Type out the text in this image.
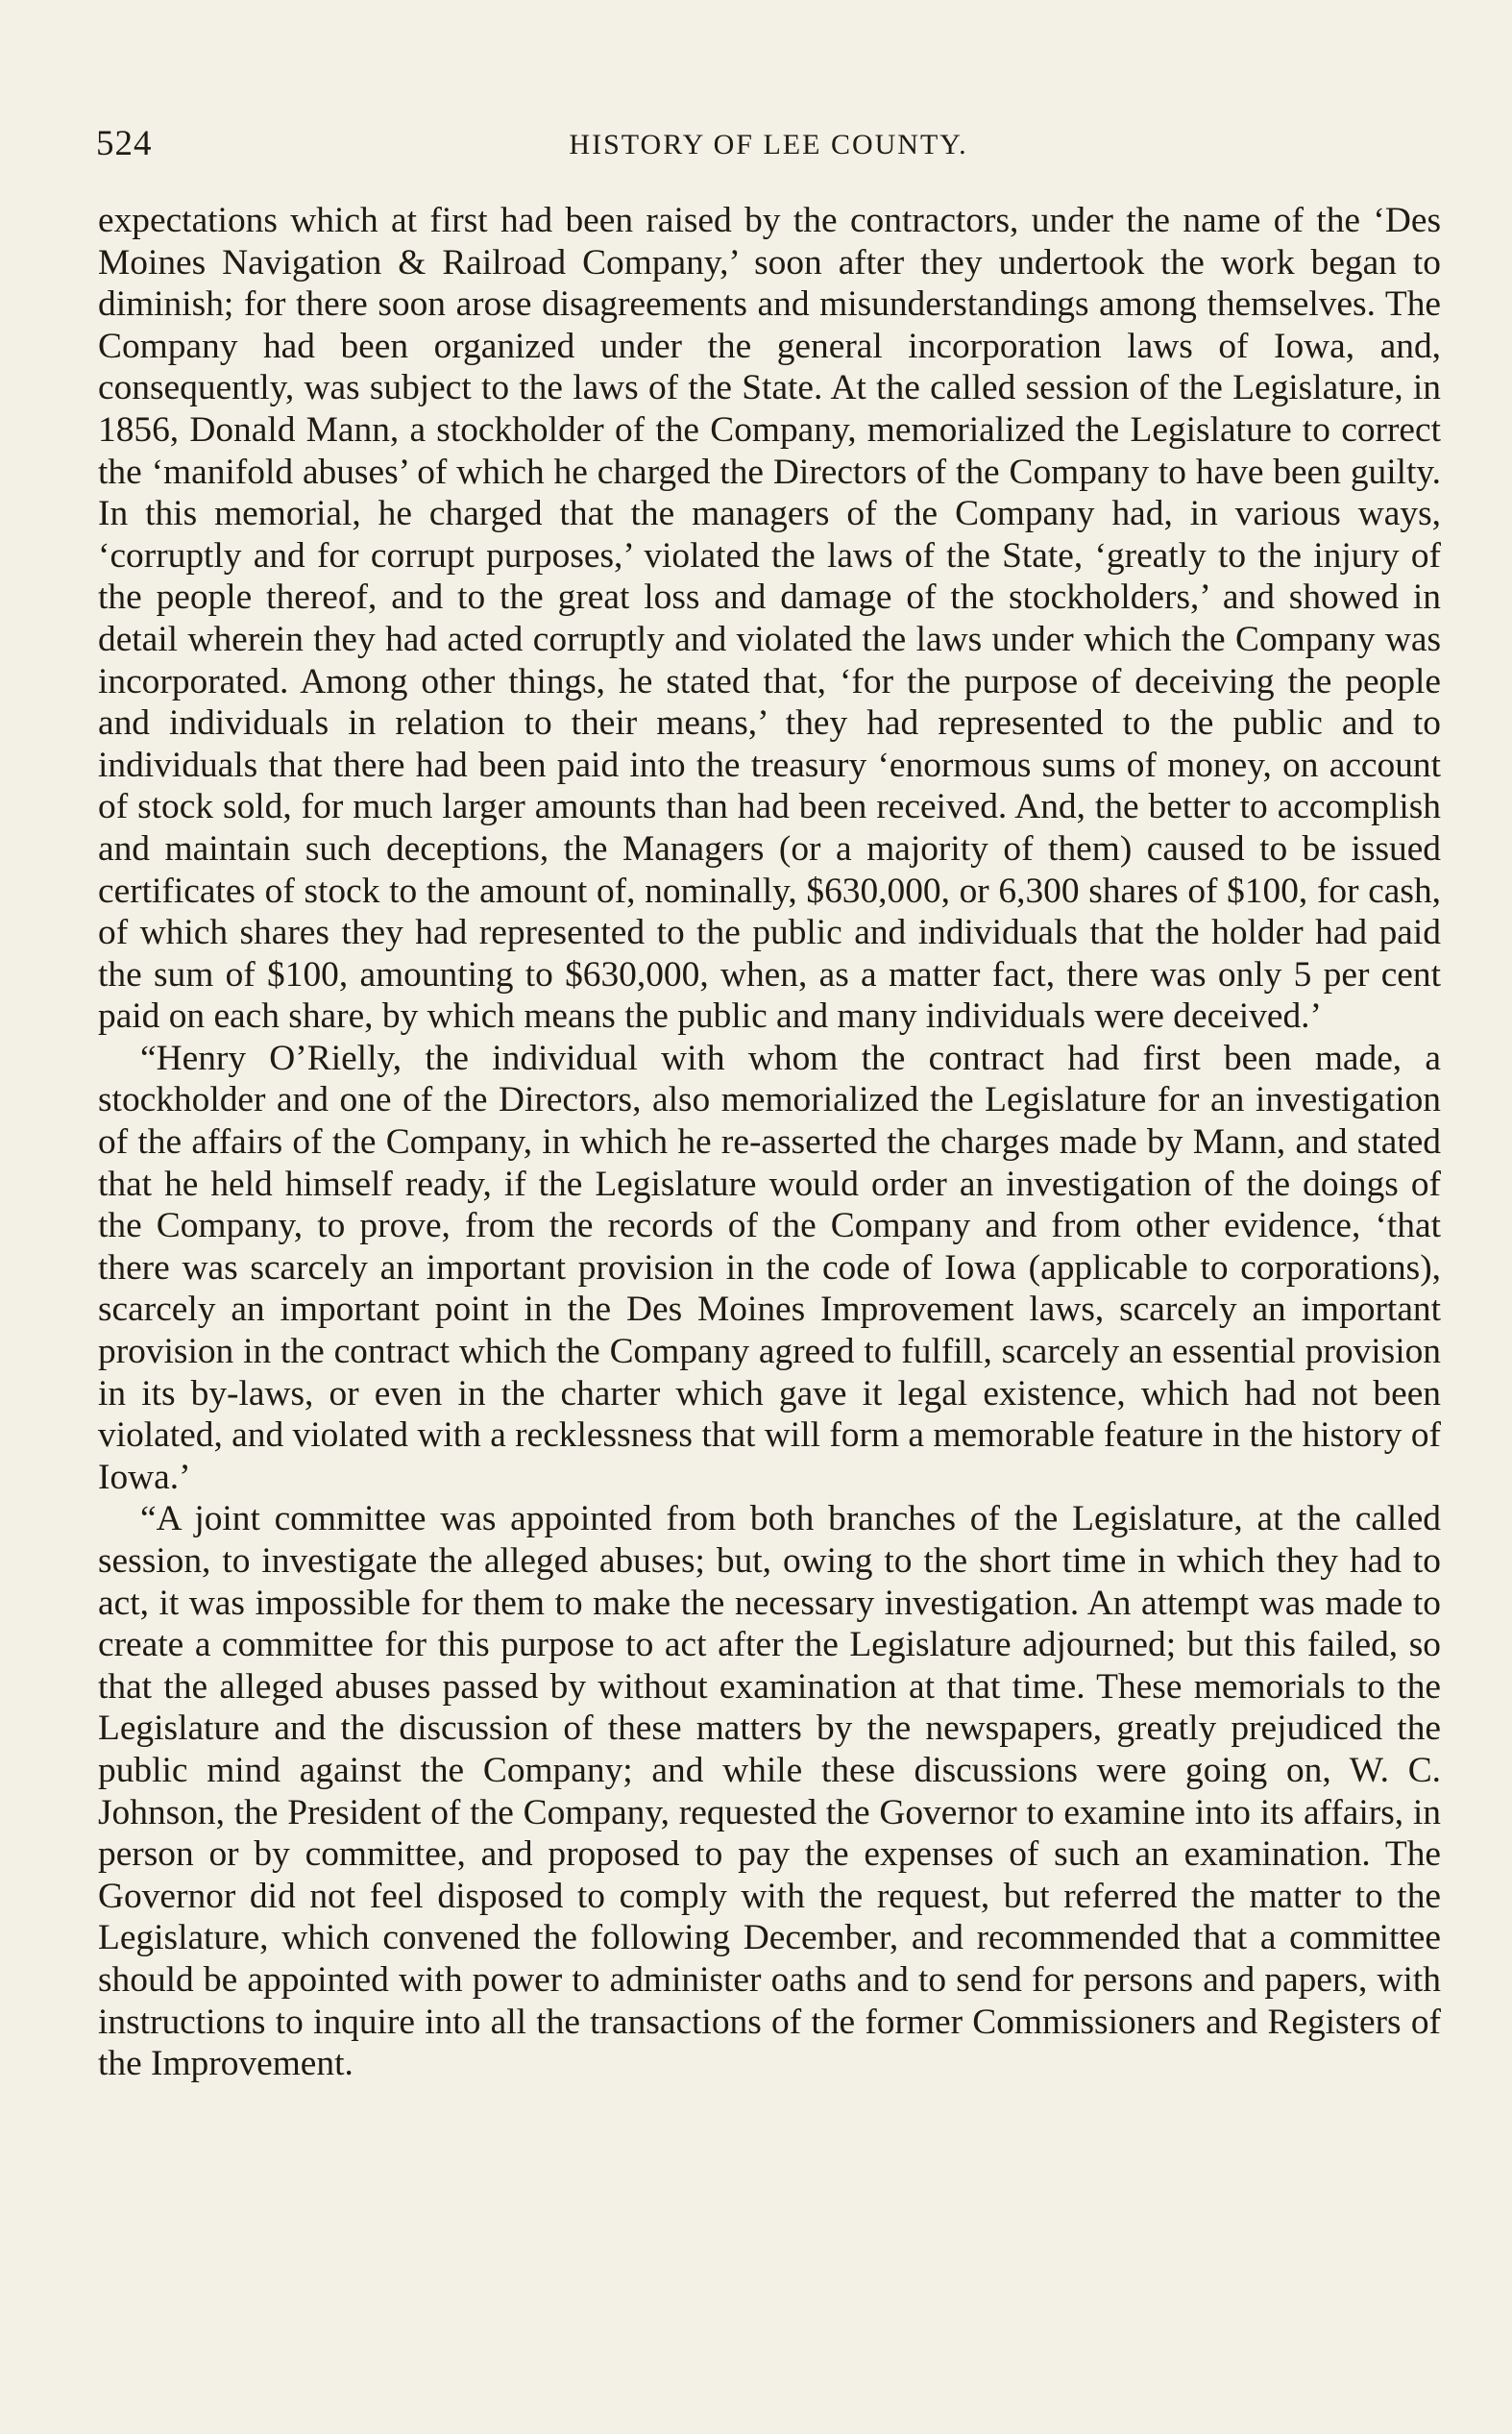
524	HISTORY OF LEE COUNTY.

expectations which at first had been raised by the contractors, under the name of the ‘Des Moines Navigation & Railroad Company,’ soon after they undertook the work began to diminish; for there soon arose disagreements and misunderstandings among themselves. The Company had been organized under the general incorporation laws of Iowa, and, consequently, was subject to the laws of the State. At the called session of the Legislature, in 1856, Donald Mann, a stockholder of the Company, memorialized the Legislature to correct the ‘manifold abuses’ of which he charged the Directors of the Company to have been guilty. In this memorial, he charged that the managers of the Company had, in various ways, ‘corruptly and for corrupt purposes,’ violated the laws of the State, ‘greatly to the injury of the people thereof, and to the great loss and damage of the stockholders,’ and showed in detail wherein they had acted corruptly and violated the laws under which the Company was incorporated. Among other things, he stated that, ‘for the purpose of deceiving the people and individuals in relation to their means,’ they had represented to the public and to individuals that there had been paid into the treasury ‘enormous sums of money, on account of stock sold, for much larger amounts than had been received. And, the better to accomplish and maintain such deceptions, the Managers (or a majority of them) caused to be issued certificates of stock to the amount of, nominally, $630,000, or 6,300 shares of $100, for cash, of which shares they had represented to the public and individuals that the holder had paid the sum of $100, amounting to $630,000, when, as a matter fact, there was only 5 per cent paid on each share, by which means the public and many individuals were deceived.’

“Henry O’Rielly, the individual with whom the contract had first been made, a stockholder and one of the Directors, also memorialized the Legislature for an investigation of the affairs of the Company, in which he re-asserted the charges made by Mann, and stated that he held himself ready, if the Legislature would order an investigation of the doings of the Company, to prove, from the records of the Company and from other evidence, ‘that there was scarcely an important provision in the code of Iowa (applicable to corporations), scarcely an important point in the Des Moines Improvement laws, scarcely an important provision in the contract which the Company agreed to fulfill, scarcely an essential provision in its by-laws, or even in the charter which gave it legal existence, which had not been violated, and violated with a recklessness that will form a memorable feature in the history of Iowa.’

“A joint committee was appointed from both branches of the Legislature, at the called session, to investigate the alleged abuses; but, owing to the short time in which they had to act, it was impossible for them to make the necessary investigation. An attempt was made to create a committee for this purpose to act after the Legislature adjourned; but this failed, so that the alleged abuses passed by without examination at that time. These memorials to the Legislature and the discussion of these matters by the newspapers, greatly prejudiced the public mind against the Company; and while these discussions were going on, W. C. Johnson, the President of the Company, requested the Governor to examine into its affairs, in person or by committee, and proposed to pay the expenses of such an examination. The Governor did not feel disposed to comply with the request, but referred the matter to the Legislature, which convened the following December, and recommended that a committee should be appointed with power to administer oaths and to send for persons and papers, with instructions to inquire into all the transactions of the former Commissioners and Registers of the Improvement.
